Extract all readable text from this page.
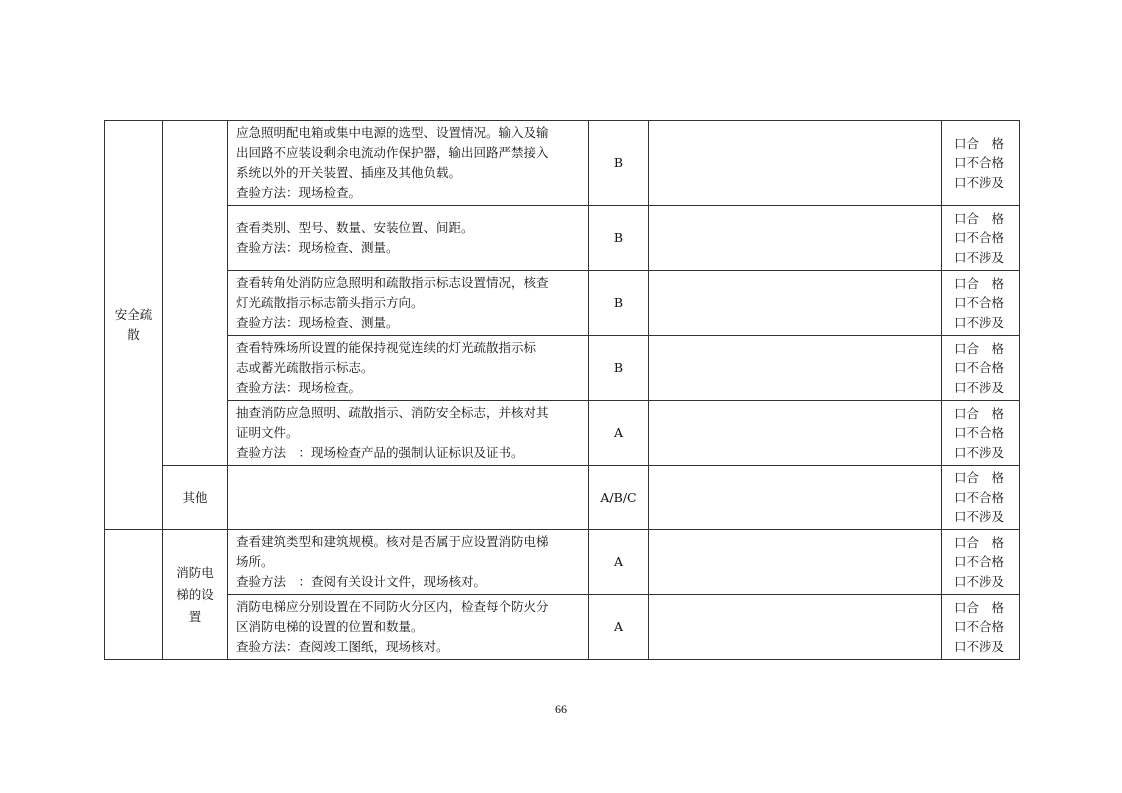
安全疏散		应急照明配电箱或集中电源的选型、设置情况。输入及输
出回路不应装设剩余电流动作保护器，输出回路严禁接入
系统以外的开关装置、插座及其他负载。
查验方法：现场检查。	B		口合　格
口不合格
口不涉及

		查看类别、型号、数量、安装位置、间距。
查验方法：现场检查、测量。	B		口合　格
口不合格
口不涉及

		查看转角处消防应急照明和疏散指示标志设置情况，核查
灯光疏散指示标志箭头指示方向。
查验方法：现场检查、测量。	B		口合　格
口不合格
口不涉及

		查看特殊场所设置的能保持视觉连续的灯光疏散指示标
志或蓄光疏散指示标志。
查验方法：现场检查。	B		口合　格
口不合格
口不涉及

		抽查消防应急照明、疏散指示、消防安全标志，并核对其
证明文件。
查验方法　：现场检查产品的强制认证标识及证书。	A		口合　格
口不合格
口不涉及

	其他		A/B/C		口合　格
口不合格
口不涉及

	消防电梯的设置	查看建筑类型和建筑规模。核对是否属于应设置消防电梯
场所。
查验方法　：查阅有关设计文件，现场核对。	A		口合　格
口不合格
口不涉及

		消防电梯应分别设置在不同防火分区内，检查每个防火分
区消防电梯的设置的位置和数量。
查验方法：查阅竣工图纸，现场核对。	A		口合　格
口不合格
口不涉及
66
